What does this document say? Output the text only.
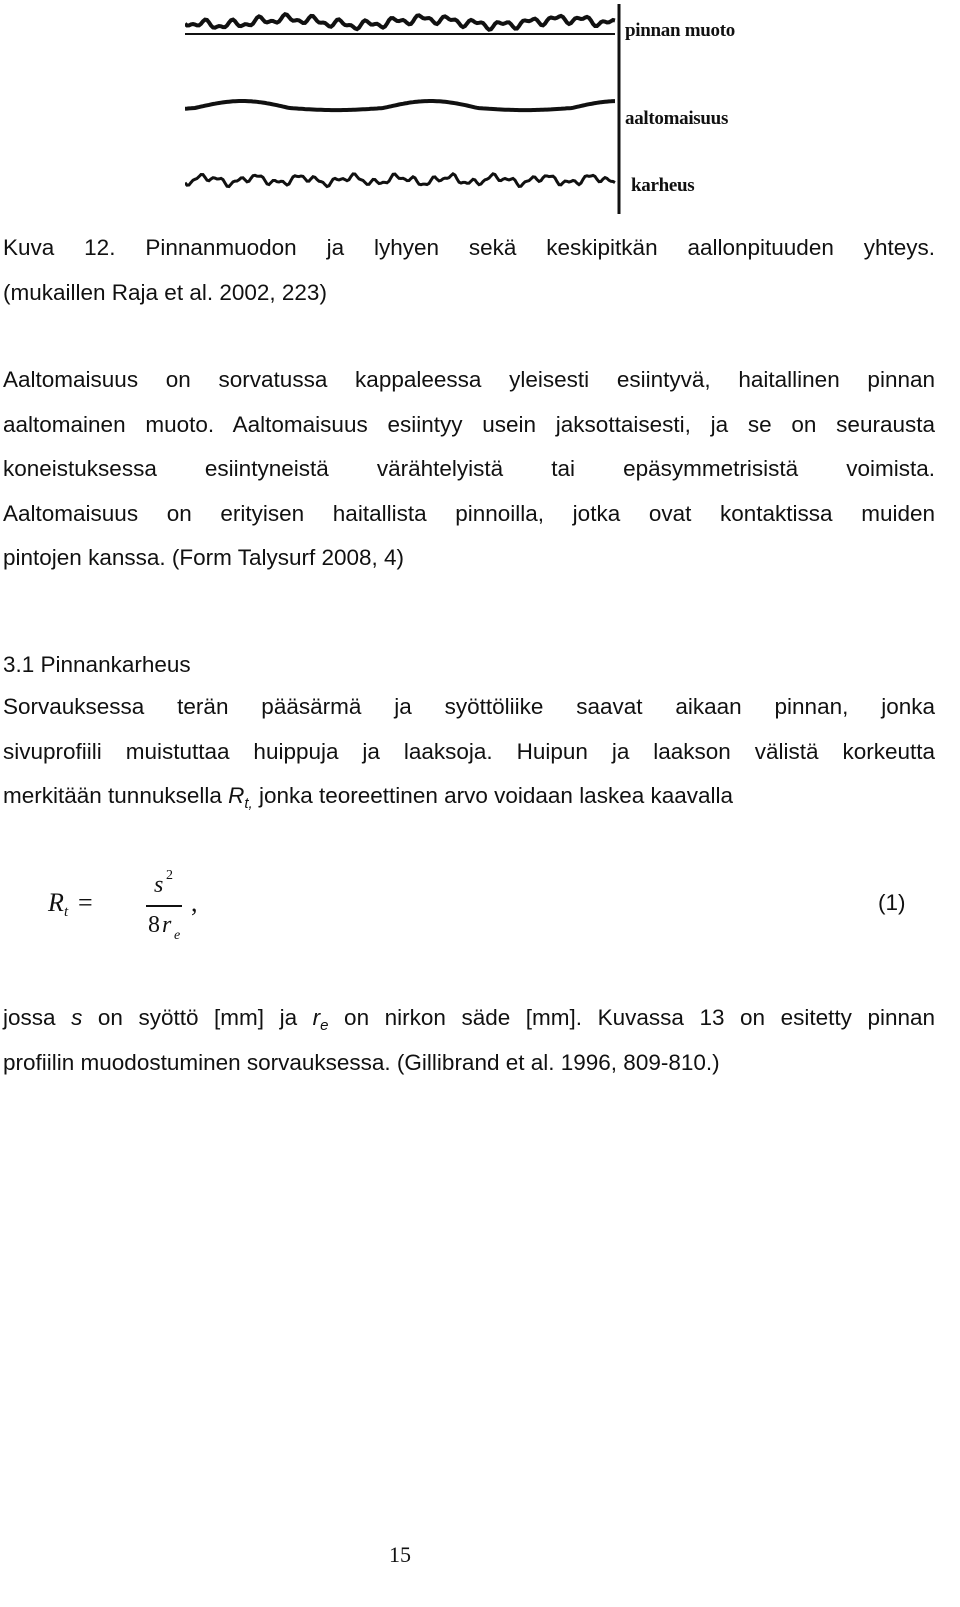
pinnan muoto
aaltomaisuus
karheus
Kuva 12. Pinnanmuodon ja lyhyen sekä keskipitkän aallonpituuden yhteys.
(mukaillen Raja et al. 2002, 223)
Aaltomaisuus on sorvatussa kappaleessa yleisesti esiintyvä, haitallinen pinnan
aaltomainen muoto. Aaltomaisuus esiintyy usein jaksottaisesti, ja se on seurausta
koneistuksessa esiintyneistä värähtelyistä tai epäsymmetrisistä voimista.
Aaltomaisuus on erityisen haitallista pinnoilla, jotka ovat kontaktissa muiden
pintojen kanssa. (Form Talysurf 2008, 4)
3.1 Pinnankarheus
Sorvauksessa terän pääsärmä ja syöttöliike saavat aikaan pinnan, jonka
sivuprofiili muistuttaa huippuja ja laaksoja. Huipun ja laakson välistä korkeutta
merkitään tunnuksella $R_{t,}$ jonka teoreettinen arvo voidaan laskea kaavalla
R t =
s 2
8 r e
,	(1)
jossa s on syöttö [mm] ja $r_e$ on nirkon säde [mm]. Kuvassa 13 on esitetty pinnan
profiilin muodostuminen sorvauksessa. (Gillibrand et al. 1996, 809-810.)
15
